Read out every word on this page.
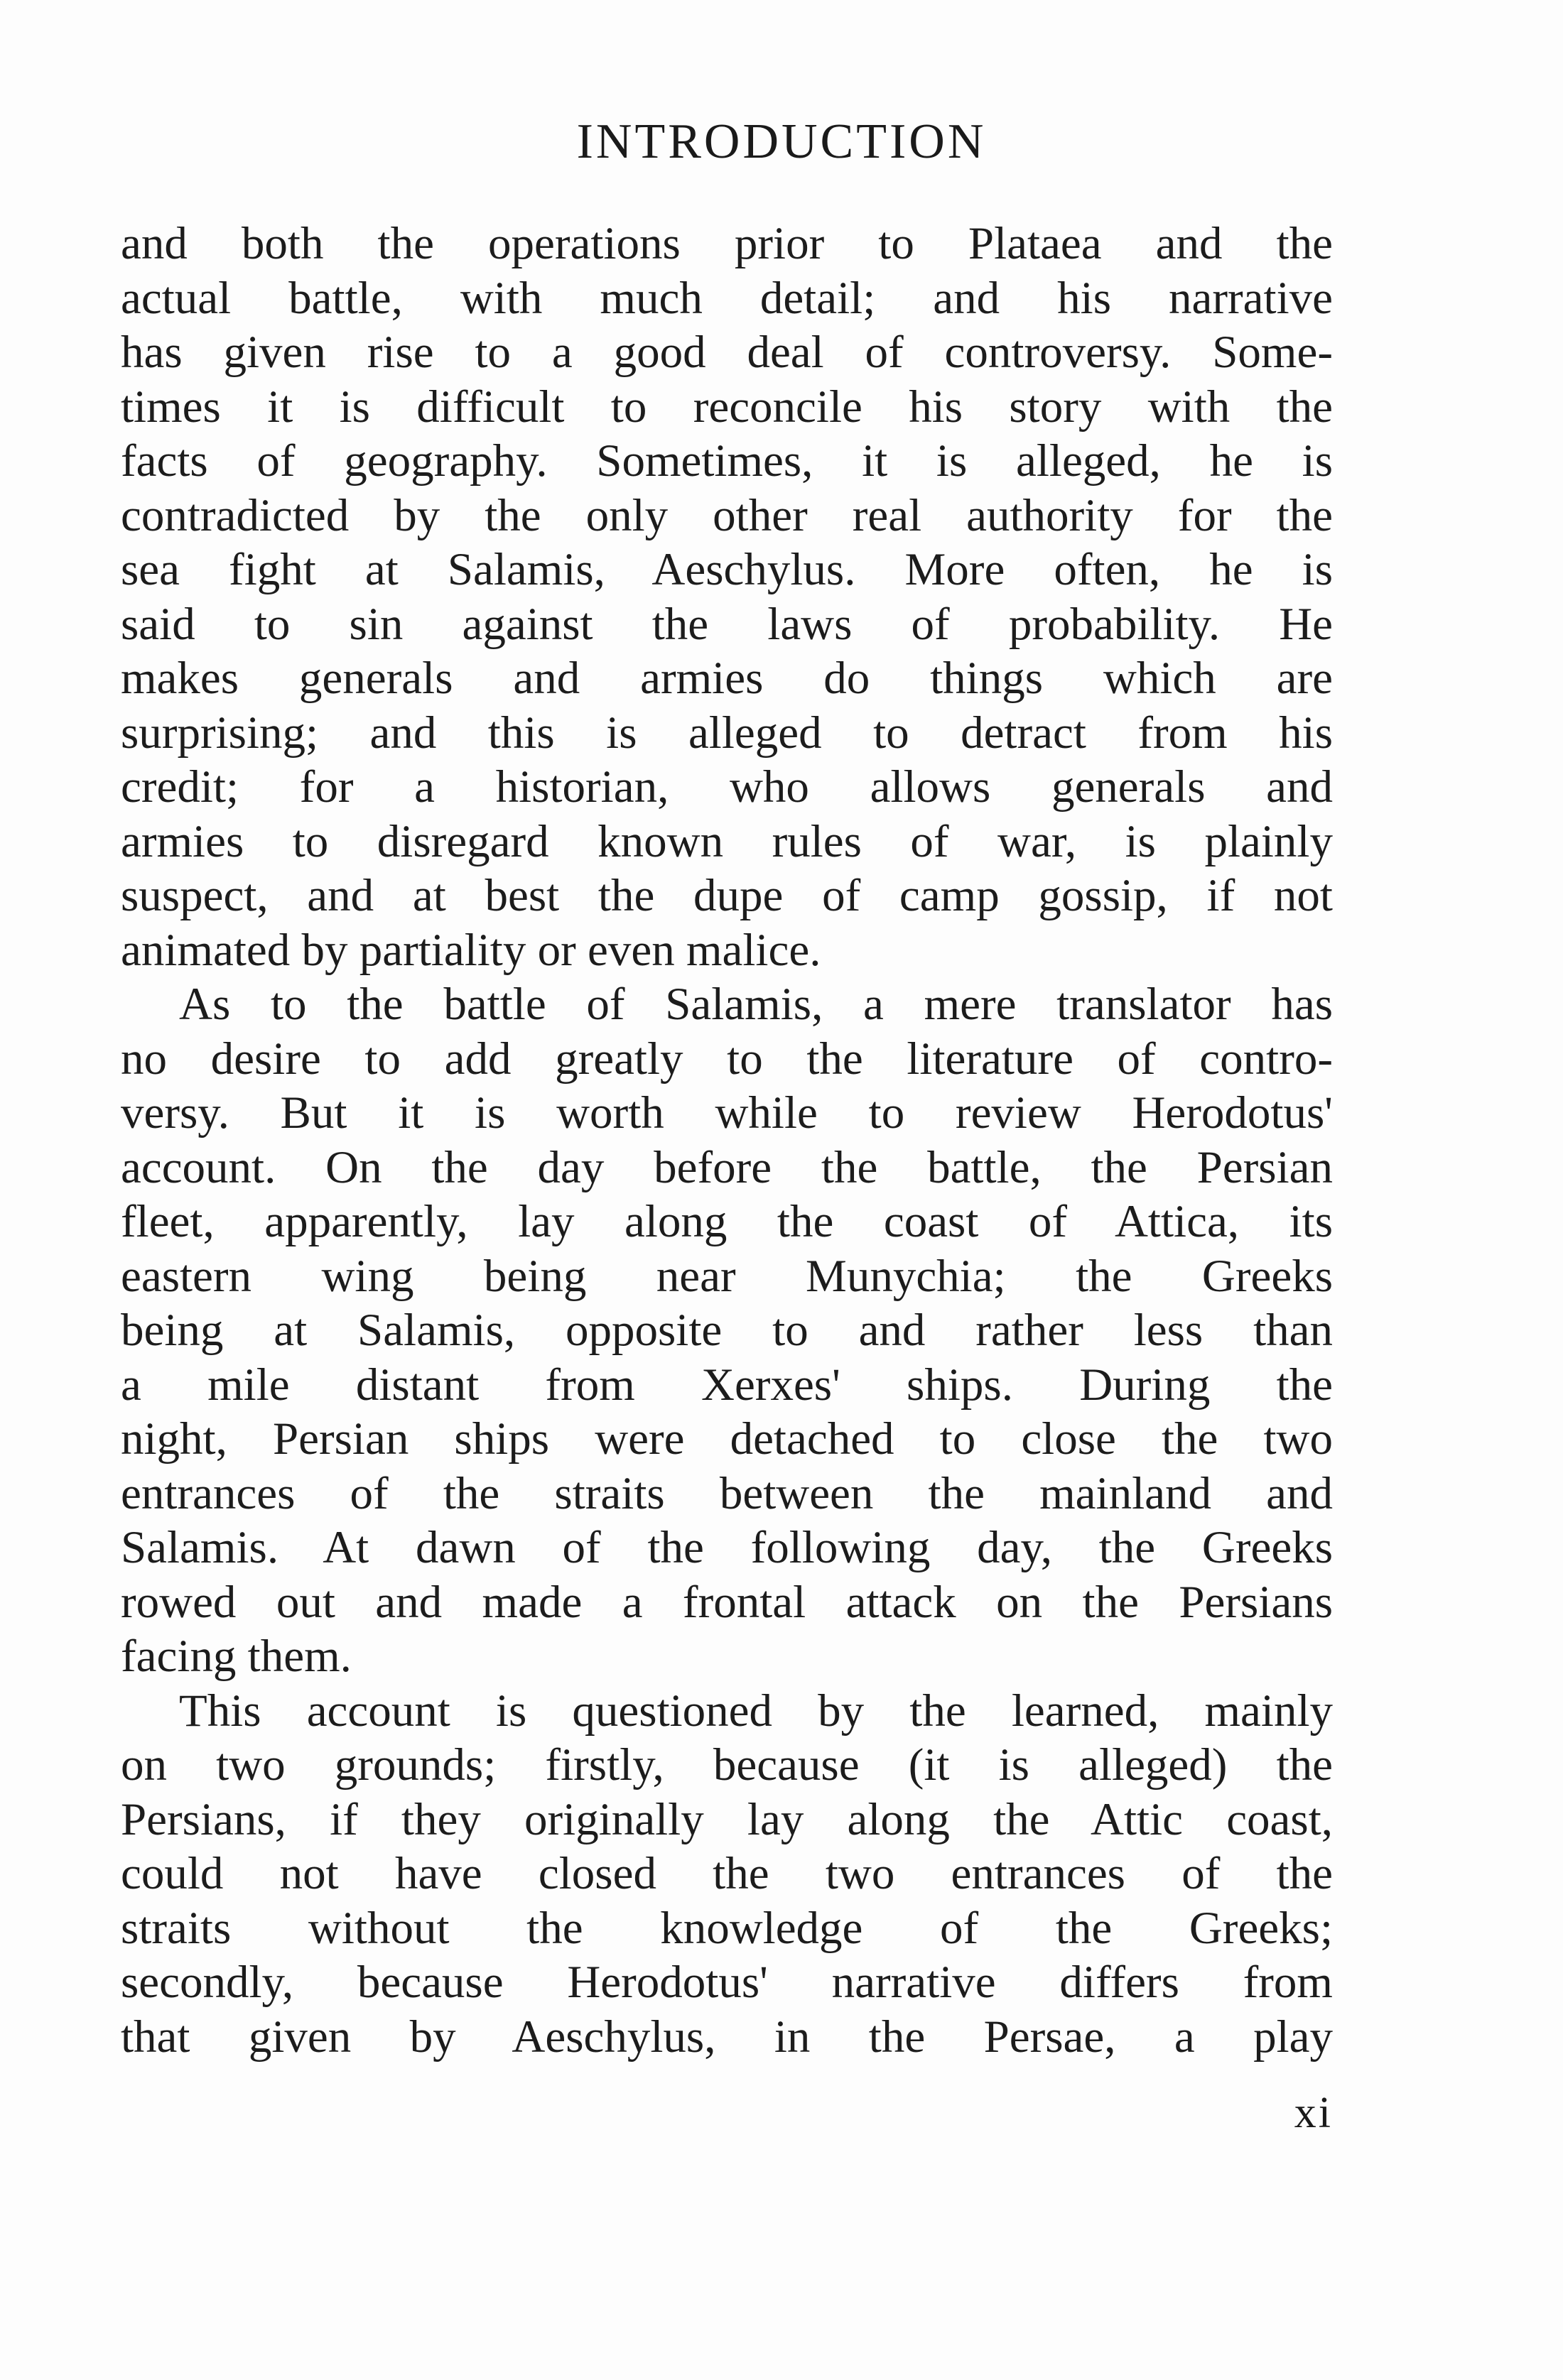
INTRODUCTION
and both the operations prior to Plataea and the
actual battle, with much detail; and his narrative
has given rise to a good deal of controversy. Some-
times it is difficult to reconcile his story with the
facts of geography. Sometimes, it is alleged, he is
contradicted by the only other real authority for the
sea fight at Salamis, Aeschylus. More often, he is
said to sin against the laws of probability. He
makes generals and armies do things which are
surprising; and this is alleged to detract from his
credit; for a historian, who allows generals and
armies to disregard known rules of war, is plainly
suspect, and at best the dupe of camp gossip, if not
animated by partiality or even malice.
As to the battle of Salamis, a mere translator has
no desire to add greatly to the literature of contro-
versy. But it is worth while to review Herodotus'
account. On the day before the battle, the Persian
fleet, apparently, lay along the coast of Attica, its
eastern wing being near Munychia; the Greeks
being at Salamis, opposite to and rather less than
a mile distant from Xerxes' ships. During the
night, Persian ships were detached to close the two
entrances of the straits between the mainland and
Salamis. At dawn of the following day, the Greeks
rowed out and made a frontal attack on the Persians
facing them.
This account is questioned by the learned, mainly
on two grounds; firstly, because (it is alleged) the
Persians, if they originally lay along the Attic coast,
could not have closed the two entrances of the
straits without the knowledge of the Greeks;
secondly, because Herodotus' narrative differs from
that given by Aeschylus, in the Persae, a play
xi
